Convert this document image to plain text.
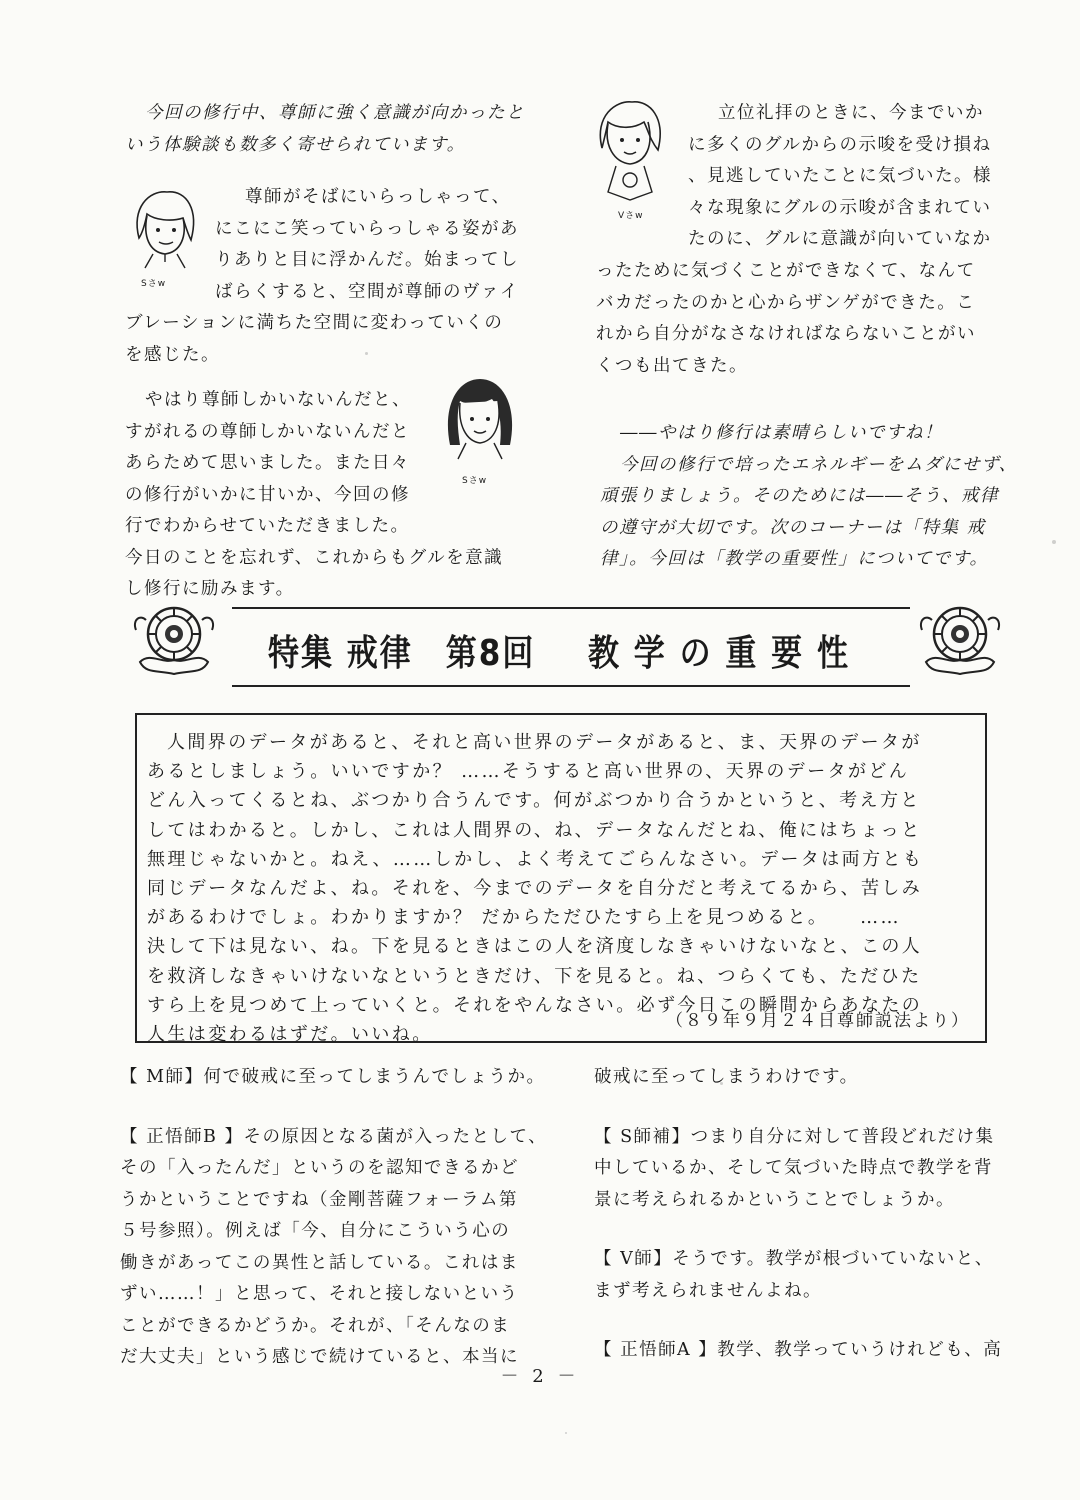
今回の修行中、尊師に強く意識が向かったと
いう体験談も数多く寄せられています。
Sさw
尊師がそばにいらっしゃって、
にこにこ笑っていらっしゃる姿があ
りありと目に浮かんだ。始まってし
ばらくすると、空間が尊師のヴァイ
ブレーションに満ちた空間に変わっていくの
を感じた。
やはり尊師しかいないんだと、
すがれるの尊師しかいないんだと
あらためて思いました。また日々
の修行がいかに甘いか、今回の修
行でわからせていただきました。
今日のことを忘れず、これからもグルを意識
し修行に励みます。
Sさw
Vさw
立位礼拝のときに、今までいか
に多くのグルからの示唆を受け損ね
、見逃していたことに気づいた。様
々な現象にグルの示唆が含まれてい
たのに、グルに意識が向いていなか
ったために気づくことができなくて、なんて
バカだったのかと心からザンゲができた。こ
れから自分がなさなければならないことがい
くつも出てきた。
――やはり修行は素晴らしいですね！
今回の修行で培ったエネルギーをムダにせず、
頑張りましょう。そのためには――そう、戒律
の遵守が大切です。次のコーナーは「特集 戒
律」。今回は「教学の重要性」についてです。
特集 戒律　第8回 教 学 の 重 要 性
人間界のデータがあると、それと高い世界のデータがあると、ま、天界のデータが
あるとしましょう。いいですか？ ……そうすると高い世界の、天界のデータがどん
どん入ってくるとね、ぶつかり合うんです。何がぶつかり合うかというと、考え方と
してはわかると。しかし、これは人間界の、ね、データなんだとね、俺にはちょっと
無理じゃないかと。ねえ、……しかし、よく考えてごらんなさい。データは両方とも
同じデータなんだよ、ね。それを、今までのデータを自分だと考えてるから、苦しみ
があるわけでしょ。わかりますか？ だからただひたすら上を見つめると。　　……
決して下は見ない、ね。下を見るときはこの人を済度しなきゃいけないなと、この人
を救済しなきゃいけないなというときだけ、下を見ると。ね、つらくても、ただひた
すら上を見つめて上っていくと。それをやんなさい。必ず今日この瞬間からあなたの
人生は変わるはずだ。いいね。
（８９年９月２４日尊師説法より）
【 M師】何で破戒に至ってしまうんでしょうか。
【 正悟師B 】その原因となる菌が入ったとして、
その「入ったんだ」というのを認知できるかど
うかということですね（金剛菩薩フォーラム第
５号参照）。例えば「今、自分にこういう心の
働きがあってこの異性と話している。これはま
ずい……！」と思って、それと接しないという
ことができるかどうか。それが、「そんなのま
だ大丈夫」という感じで続けていると、本当に
破戒に至ってしまうわけです。
【 S師補】つまり自分に対して普段どれだけ集
中しているか、そして気づいた時点で教学を背
景に考えられるかということでしょうか。
【 V師】そうです。教学が根づいていないと、
まず考えられませんよね。
【 正悟師A 】教学、教学っていうけれども、高
－ 2 －
